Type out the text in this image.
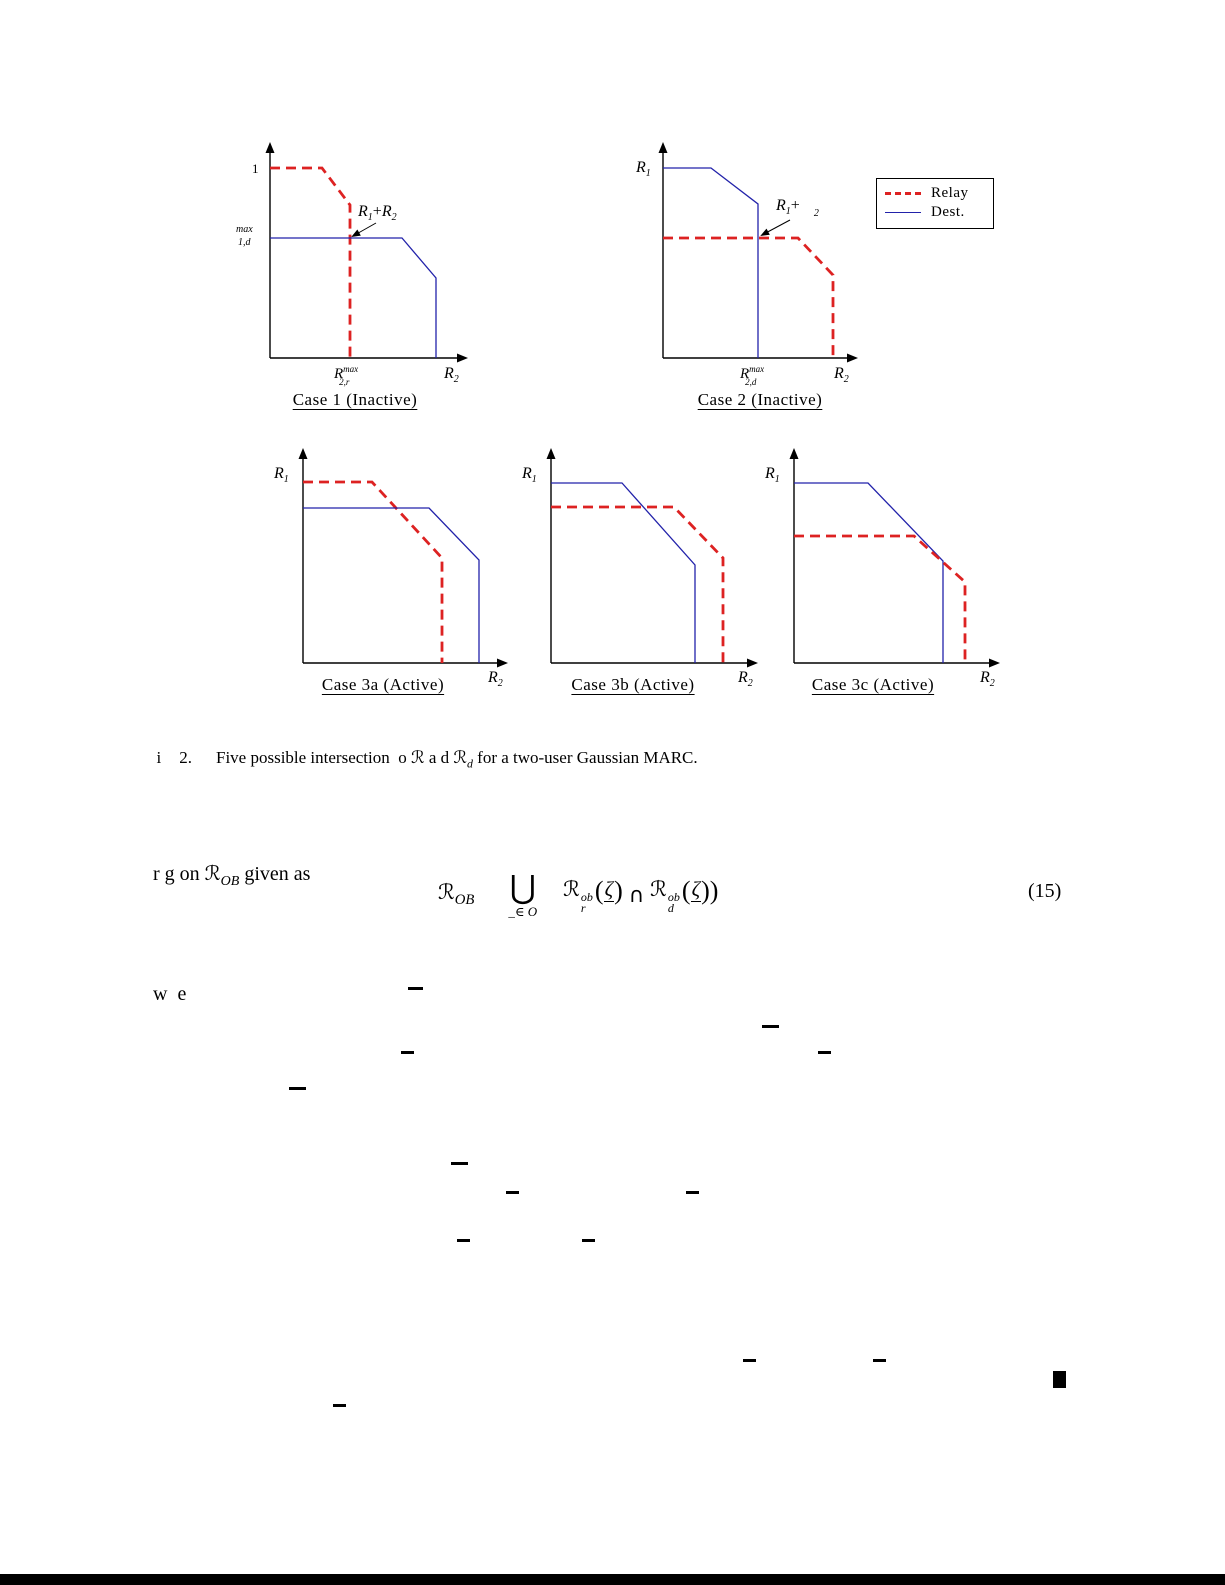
1
max
1,d
$R^{max}$ 2,r	$R_2$
$R_1+R_2$
Case 1 (Inactive)
$R_1$
$R^{max}$ 2,d	$R_2$
$R_1+ _2$
Case 2 (Inactive)
Relay
Dest.
$R_1$
$R_2$
Case 3a (Active)
$R_1$
$R_2$
Case 3b (Active)
$R_1$
$R_2$
Case 3c (Active)

i 2. Five possible intersection  o ℛ a d ℛ$_d$ for a two-user Gaussian MARC.

r g on ℛ$_{OB}$ given as

ℛ$_{OB}$ ⋃
_∈ O
ℛ ob
r
(ζ) ∩ ℛ ob
d
(ζ))	(15)

w  e
